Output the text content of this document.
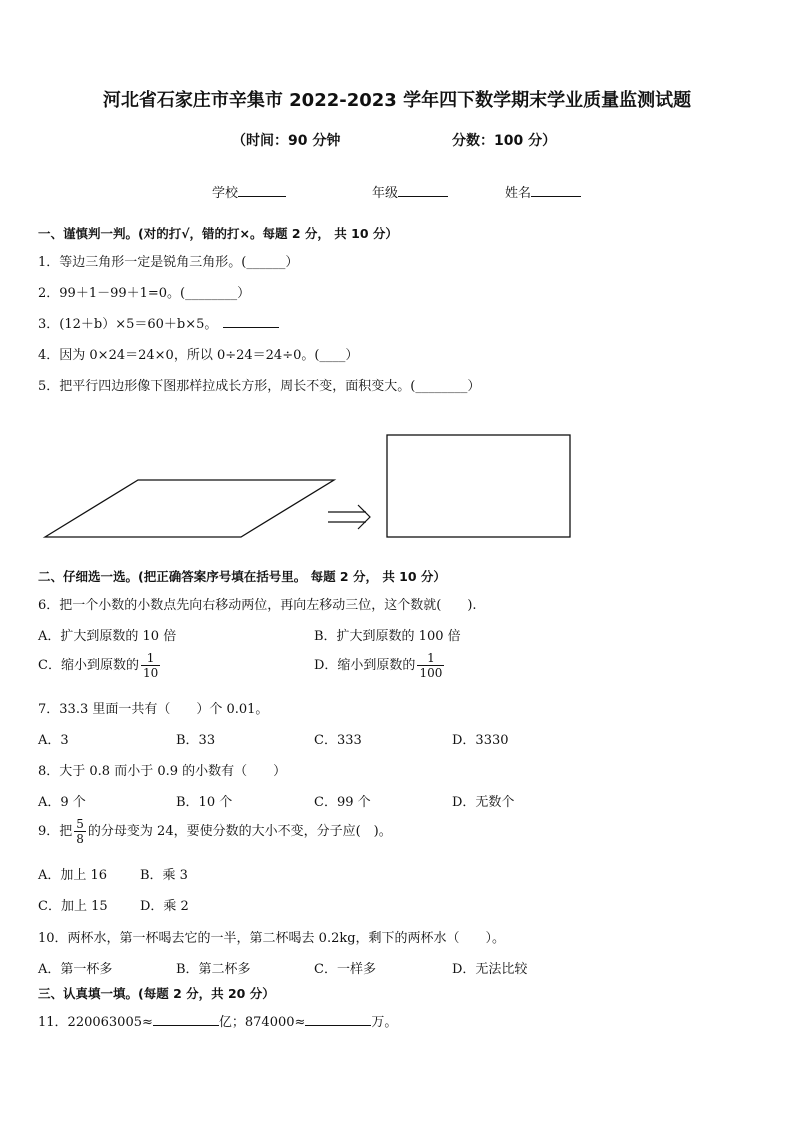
河北省石家庄市辛集市 2022-2023 学年四下数学期末学业质量监测试题
（时间：90 分钟	分数：100 分）
学校	年级	姓名
一、谨慎判一判。(对的打√，错的打×。每题 2 分， 共 10 分）
1．等边三角形一定是锐角三角形。(______）
2．99＋1－99＋1=0。(________）
3．(12＋b）×5＝60＋b×5。
4．因为 0×24＝24×0，所以 0÷24＝24÷0。(____）
5．把平行四边形像下图那样拉成长方形，周长不变，面积变大。(________）
二、仔细选一选。(把正确答案序号填在括号里。 每题 2 分， 共 10 分）
6．把一个小数的小数点先向右移动两位，再向左移动三位，这个数就(　　).
A．扩大到原数的 10 倍	B．扩大到原数的 100 倍
C．缩小到原数的 $\frac{1}{10}$	D．缩小到原数的 $\frac{1}{100}$
7．33.3 里面一共有（　　）个 0.01。
A．3	B．33	C．333	D．3330
8．大于 0.8 而小于 0.9 的小数有（　　）
A．9 个	B．10 个	C．99 个	D．无数个
9．把 $\frac{5}{8}$ 的分母变为 24，要使分数的大小不变，分子应(　)。
A．加上 16	B．乘 3
C．加上 15 D．乘 2
10．两杯水，第一杯喝去它的一半，第二杯喝去 0.2kg，剩下的两杯水（　　）。
A．第一杯多	B．第二杯多	C．一样多	D．无法比较
三、认真填一填。(每题 2 分，共 20 分）
11．220063005≈	亿；874000≈	万。
